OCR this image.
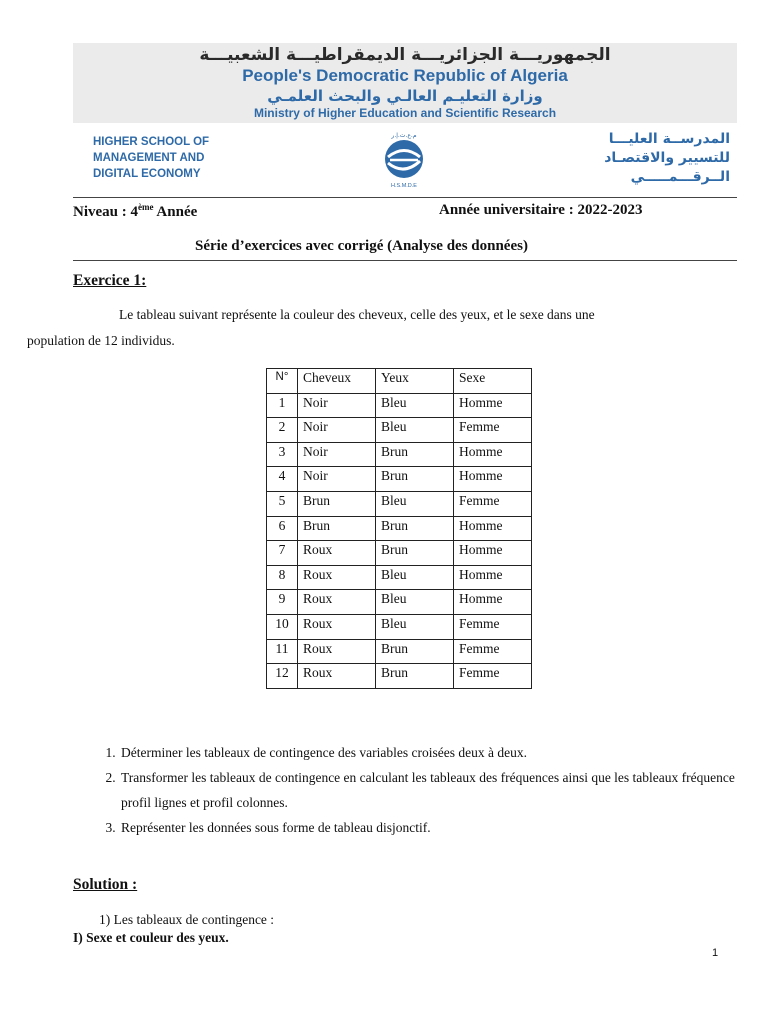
الجمهوريـــة الجزائريـــة الديمقراطيـــة الشعبيـــة
People's Democratic Republic of Algeria
وزارة التعليـم العالـي والبحث العلمـي
Ministry of Higher Education and Scientific Research
HIGHER SCHOOL OF
MANAGEMENT AND
DIGITAL ECONOMY
م.ع.ت.إ.ر
H.S.M.D.E
المدرســة العليـــا
للتسيير والاقتصـاد
الــرقـــمـــــي
Niveau : 4ème Année	Année universitaire : 2022-2023
Série d’exercices avec corrigé (Analyse des données)
Exercice 1:
Le tableau suivant représente la couleur des cheveux, celle des yeux, et le sexe dans une
population de 12 individus.
N°	Cheveux	Yeux	Sexe
1	Noir	Bleu	Homme
2	Noir	Bleu	Femme
3	Noir	Brun	Homme
4	Noir	Brun	Homme
5	Brun	Bleu	Femme
6	Brun	Brun	Homme
7	Roux	Brun	Homme
8	Roux	Bleu	Homme
9	Roux	Bleu	Homme
10	Roux	Bleu	Femme
11	Roux	Brun	Femme
12	Roux	Brun	Femme
1. Déterminer les tableaux de contingence des variables croisées deux à deux.
2. Transformer les tableaux de contingence en calculant les tableaux des fréquences ainsi que les tableaux fréquence profil lignes et profil colonnes.
3. Représenter les données sous forme de tableau disjonctif.
Solution :
1) Les tableaux de contingence :
I) Sexe et couleur des yeux.
1
